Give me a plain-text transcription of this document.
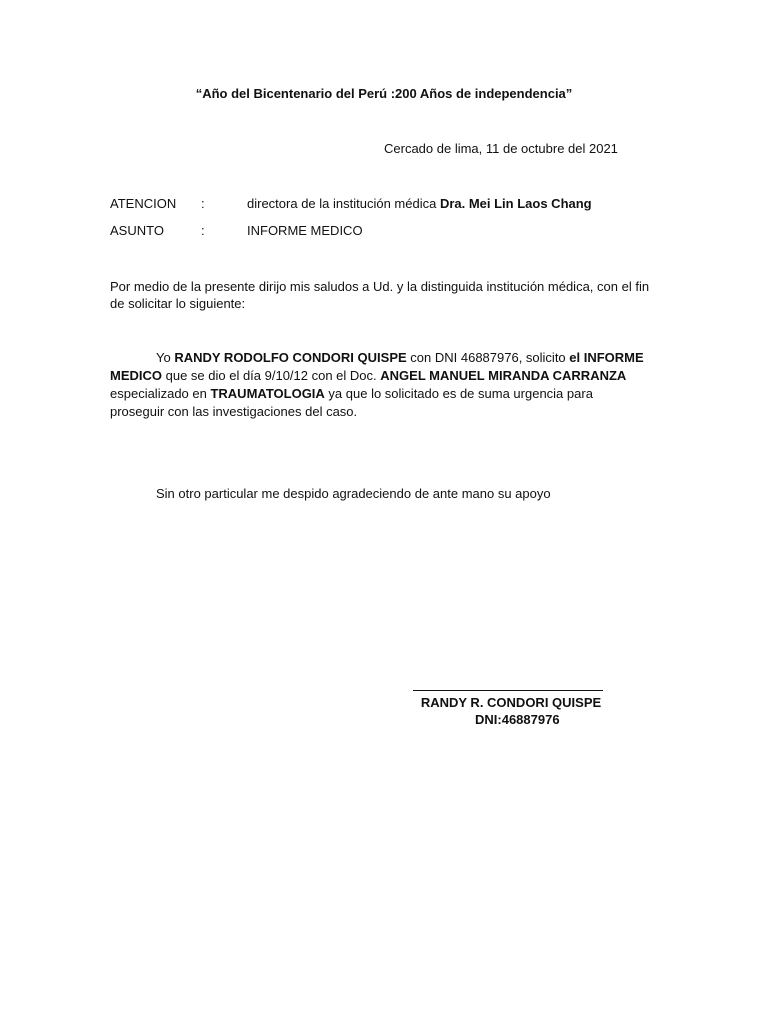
“Año del Bicentenario del Perú :200 Años de independencia”
Cercado de lima, 11 de octubre del 2021
ATENCION :	directora de la institución médica Dra. Mei Lin Laos Chang
ASUNTO	:	INFORME MEDICO
Por medio de la presente dirijo mis saludos a Ud. y la distinguida institución médica, con el fin de solicitar lo siguiente:
Yo RANDY RODOLFO CONDORI QUISPE con DNI 46887976, solicito el INFORME MEDICO que se dio el día 9/10/12 con el Doc. ANGEL MANUEL MIRANDA CARRANZA especializado en TRAUMATOLOGIA ya que lo solicitado es de suma urgencia para proseguir con las investigaciones del caso.
Sin otro particular me despido agradeciendo de ante mano su apoyo
RANDY R. CONDORI QUISPE
DNI:46887976
